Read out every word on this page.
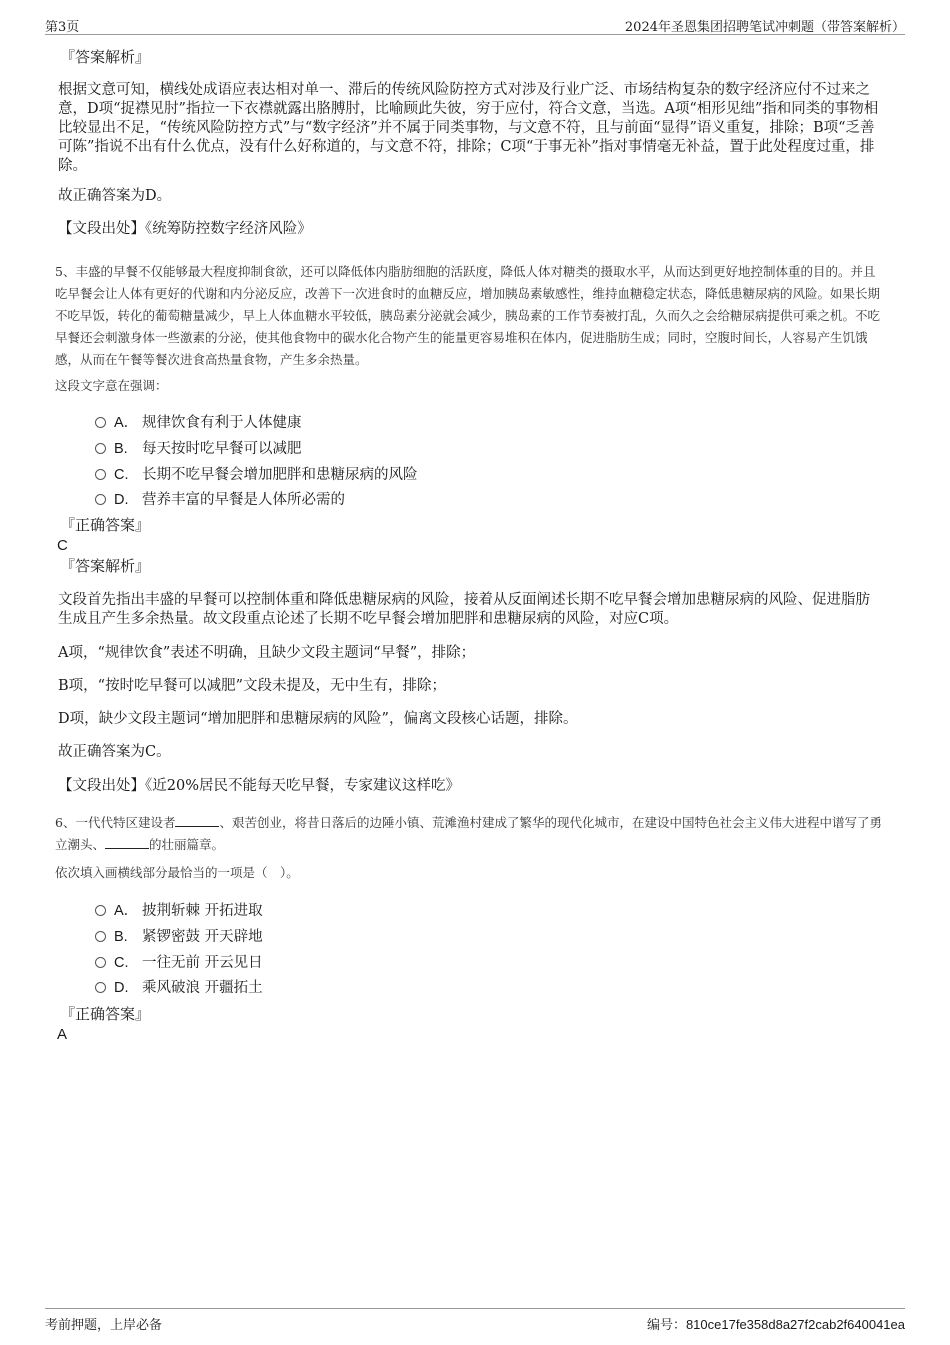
第3页	2024年圣恩集团招聘笔试冲刺题（带答案解析）
『答案解析』
根据文意可知，横线处成语应表达相对单一、滞后的传统风险防控方式对涉及行业广泛、市场结构复杂的数字经济应付不过来之意，D项“捉襟见肘”指拉一下衣襟就露出胳膊肘，比喻顾此失彼，穷于应付，符合文意，当选。A项“相形见绌”指和同类的事物相比较显出不足，“传统风险防控方式”与“数字经济”并不属于同类事物，与文意不符，且与前面“显得”语义重复，排除；B项“乏善可陈”指说不出有什么优点，没有什么好称道的，与文意不符，排除；C项“于事无补”指对事情毫无补益，置于此处程度过重，排除。
故正确答案为D。
【文段出处】《统筹防控数字经济风险》
5、丰盛的早餐不仅能够最大程度抑制食欲，还可以降低体内脂肪细胞的活跃度，降低人体对糖类的摄取水平，从而达到更好地控制体重的目的。并且吃早餐会让人体有更好的代谢和内分泌反应，改善下一次进食时的血糖反应，增加胰岛素敏感性，维持血糖稳定状态，降低患糖尿病的风险。如果长期不吃早饭，转化的葡萄糖量减少，早上人体血糖水平较低，胰岛素分泌就会减少，胰岛素的工作节奏被打乱，久而久之会给糖尿病提供可乘之机。不吃早餐还会刺激身体一些激素的分泌，使其他食物中的碳水化合物产生的能量更容易堆积在体内，促进脂肪生成；同时，空腹时间长，人容易产生饥饿感，从而在午餐等餐次进食高热量食物，产生多余热量。
这段文字意在强调：
A． 规律饮食有利于人体健康
B. 每天按时吃早餐可以减肥
C. 长期不吃早餐会增加肥胖和患糖尿病的风险
D. 营养丰富的早餐是人体所必需的
『正确答案』
C
『答案解析』
文段首先指出丰盛的早餐可以控制体重和降低患糖尿病的风险，接着从反面阐述长期不吃早餐会增加患糖尿病的风险、促进脂肪生成且产生多余热量。故文段重点论述了长期不吃早餐会增加肥胖和患糖尿病的风险，对应C项。
A项，“规律饮食”表述不明确，且缺少文段主题词“早餐”，排除；
B项，“按时吃早餐可以减肥”文段未提及，无中生有，排除；
D项，缺少文段主题词“增加肥胖和患糖尿病的风险”，偏离文段核心话题，排除。
故正确答案为C。
【文段出处】《近20%居民不能每天吃早餐，专家建议这样吃》
6、一代代特区建设者	、艰苦创业，将昔日落后的边陲小镇、荒滩渔村建成了繁华的现代化城市，在建设中国特色社会主义伟大进程中谱写了勇立潮头、	的壮丽篇章。
依次填入画横线部分最恰当的一项是（　）。
A． 披荆斩棘 开拓进取
B. 紧锣密鼓 开天辟地
C. 一往无前 开云见日
D. 乘风破浪 开疆拓土
『正确答案』
A
考前押题，上岸必备	编号：810ce17fe358d8a27f2cab2f640041ea
